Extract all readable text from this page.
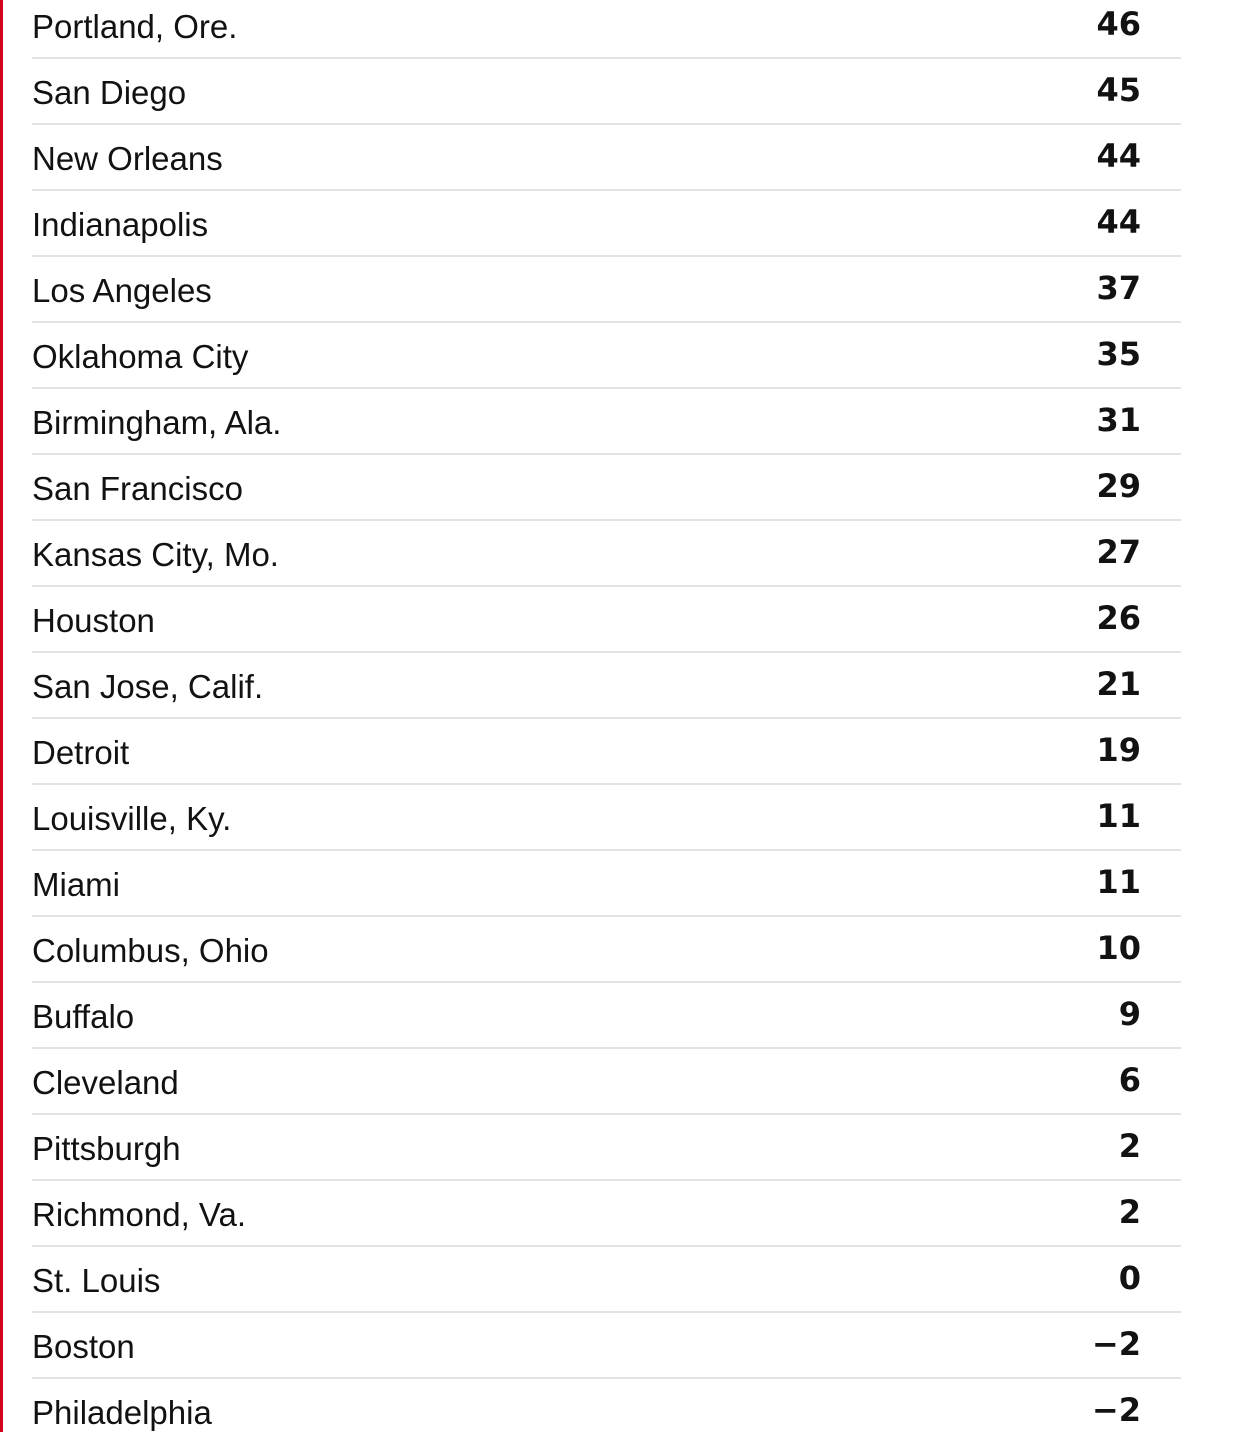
Portland, Ore.	46
San Diego	45
New Orleans	44
Indianapolis	44
Los Angeles	37
Oklahoma City	35
Birmingham, Ala.	31
San Francisco	29
Kansas City, Mo.	27
Houston	26
San Jose, Calif.	21
Detroit	19
Louisville, Ky.	11
Miami	11
Columbus, Ohio	10
Buffalo	9
Cleveland	6
Pittsburgh	2
Richmond, Va.	2
St. Louis	0
Boston	−2
Philadelphia	−2
